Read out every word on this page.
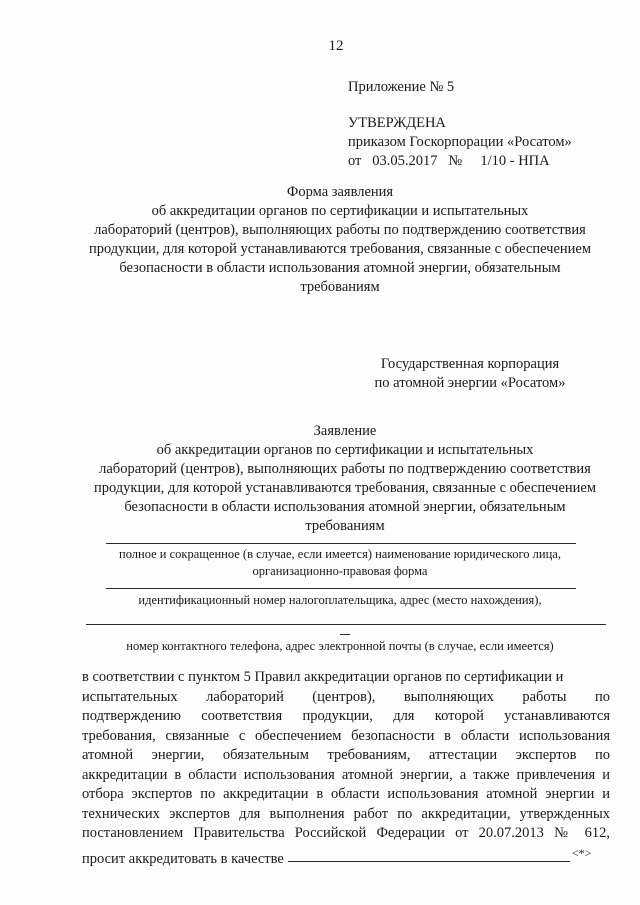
12
Приложение № 5
УТВЕРЖДЕНА
приказом Госкорпорации «Росатом»
от   03.05.2017   №     1/10 - НПА
Форма заявления
об аккредитации органов по сертификации и испытательных
лабораторий (центров), выполняющих работы по подтверждению соответствия
продукции, для которой устанавливаются требования, связанные с обеспечением
безопасности в области использования атомной энергии, обязательным
требованиям
Государственная корпорация
по атомной энергии «Росатом»
Заявление
об аккредитации органов по сертификации и испытательных
лабораторий (центров), выполняющих работы по подтверждению соответствия
продукции, для которой устанавливаются требования, связанные с обеспечением
безопасности в области использования атомной энергии, обязательным
требованиям
полное и сокращенное (в случае, если имеется) наименование юридического лица,
организационно-правовая форма
идентификационный номер налогоплательщика, адрес (место нахождения),
номер контактного телефона, адрес электронной почты (в случае, если имеется)
в соответствии с пунктом 5 Правил аккредитации органов по сертификации и
испытательных лабораторий (центров), выполняющих работы по
подтверждению соответствия продукции, для которой устанавливаются
требования, связанные с обеспечением безопасности в области использования
атомной энергии, обязательным требованиям, аттестации экспертов по
аккредитации в области использования атомной энергии, а также привлечения и
отбора экспертов по аккредитации в области использования атомной энергии и
технических экспертов для выполнения работ по аккредитации, утвержденных
постановлением Правительства Российской Федерации от 20.07.2013 № 612,
просит аккредитовать в качестве	<*>
